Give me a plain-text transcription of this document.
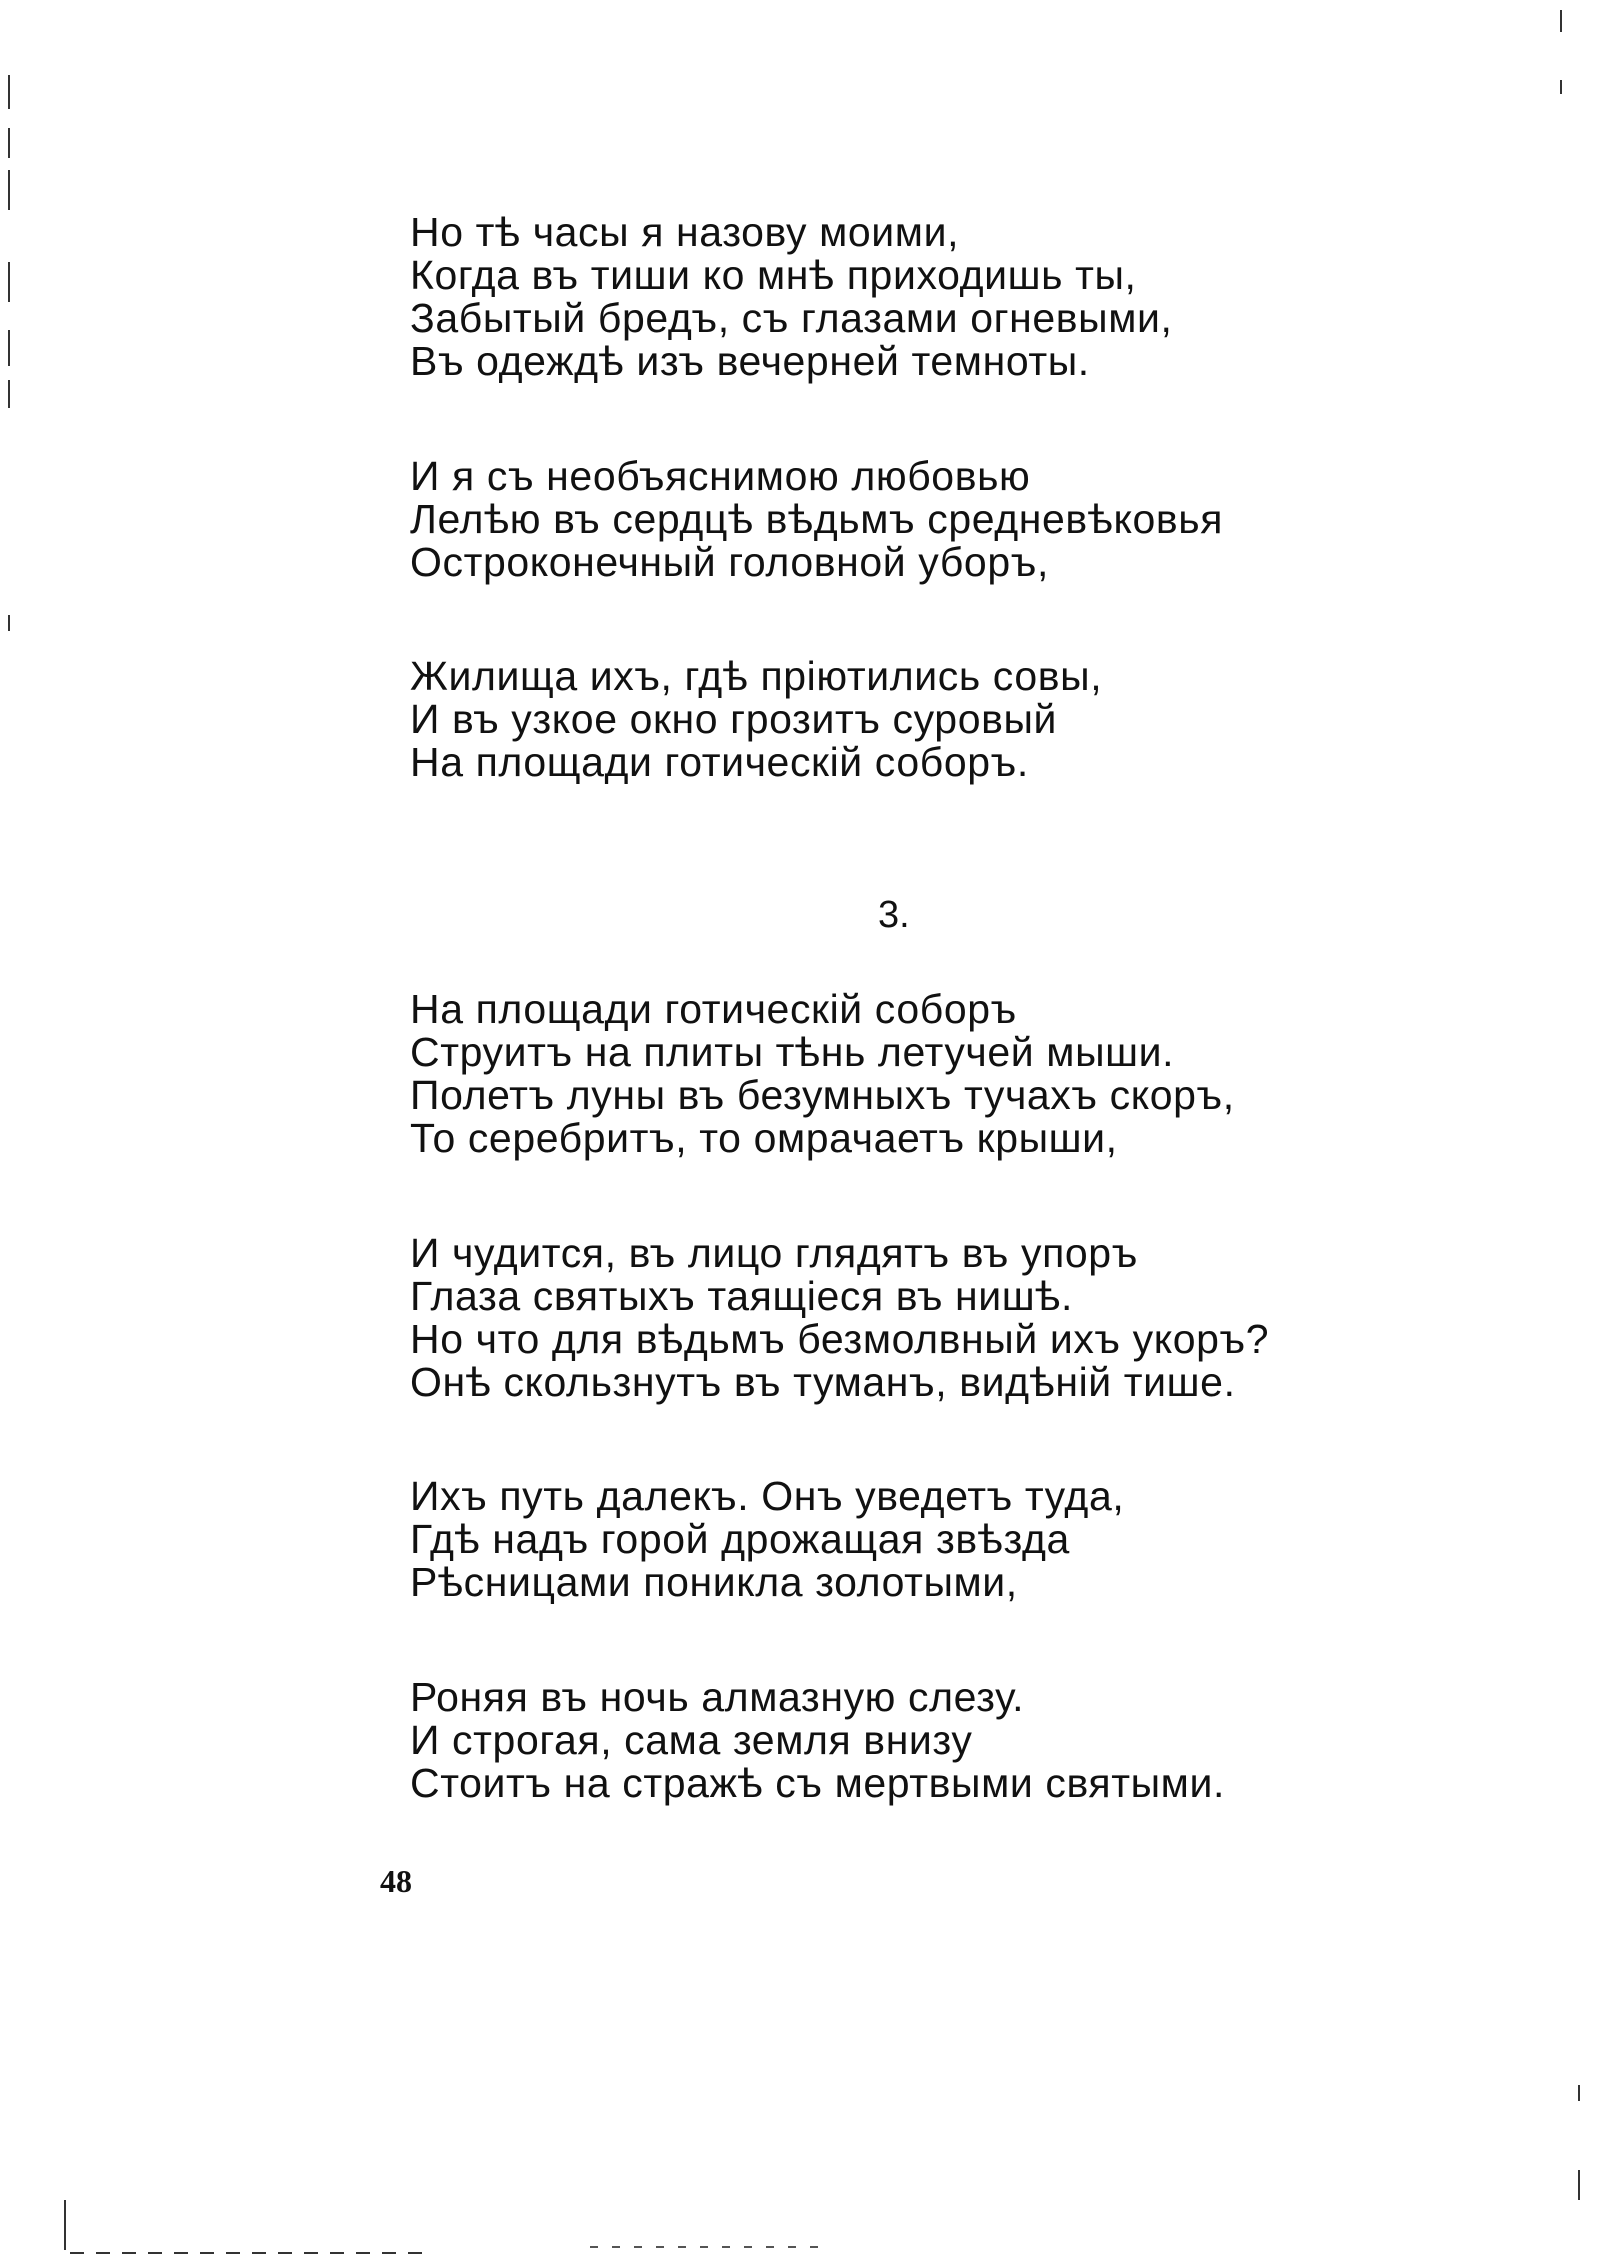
Но тѣ часы я назову моими,
Когда въ тиши ко мнѣ приходишь ты,
Забытый бредъ, съ глазами огневыми,
Въ одеждѣ изъ вечерней темноты.
И я съ необъяснимою любовью
Лелѣю въ сердцѣ вѣдьмъ средневѣковья
Остроконечный головной уборъ,
Жилища ихъ, гдѣ пріютились совы,
И въ узкое окно грозитъ суровый
На площади готическій соборъ.
3.
На площади готическій соборъ
Струитъ на плиты тѣнь летучей мыши.
Полетъ луны въ безумныхъ тучахъ скоръ,
То серебритъ, то омрачаетъ крыши,
И чудится, въ лицо глядятъ въ упоръ
Глаза святыхъ таящіеся въ нишѣ.
Но что для вѣдьмъ безмолвный ихъ укоръ?
Онѣ скользнутъ въ туманъ, видѣній тише.
Ихъ путь далекъ. Онъ уведетъ туда,
Гдѣ надъ горой дрожащая звѣзда
Рѣсницами поникла золотыми,
Роняя въ ночь алмазную слезу.
И строгая, сама земля внизу
Стоитъ на стражѣ съ мертвыми святыми.
48
